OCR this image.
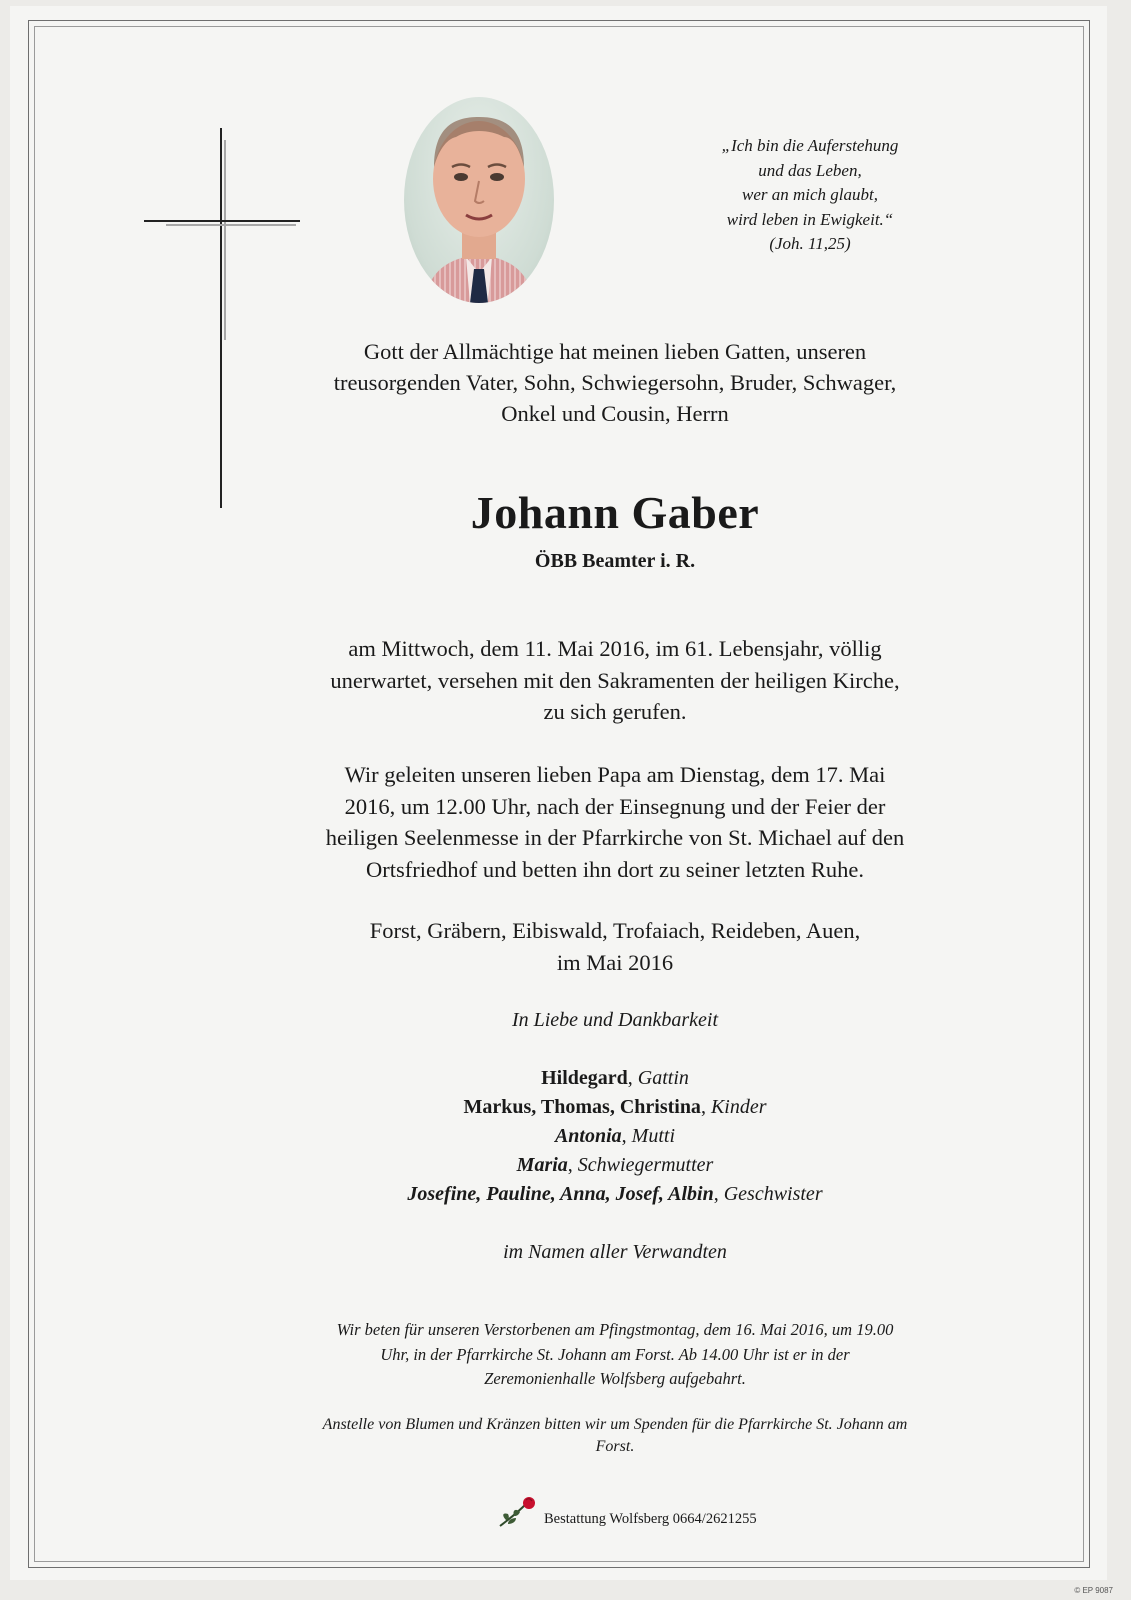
„Ich bin die Auferstehung
und das Leben,
wer an mich glaubt,
wird leben in Ewigkeit.“
(Joh. 11,25)
Gott der Allmächtige hat meinen lieben Gatten, unseren
treusorgenden Vater, Sohn, Schwiegersohn, Bruder, Schwager,
Onkel und Cousin, Herrn
Johann Gaber
ÖBB Beamter i. R.
am Mittwoch, dem 11. Mai 2016, im 61. Lebensjahr, völlig
unerwartet, versehen mit den Sakramenten der heiligen Kirche,
zu sich gerufen.
Wir geleiten unseren lieben Papa am Dienstag, dem 17. Mai
2016, um 12.00 Uhr, nach der Einsegnung und der Feier der
heiligen Seelenmesse in der Pfarrkirche von St. Michael auf den
Ortsfriedhof und betten ihn dort zu seiner letzten Ruhe.
Forst, Gräbern, Eibiswald, Trofaiach, Reideben, Auen,
im Mai 2016
In Liebe und Dankbarkeit
Hildegard, Gattin
Markus, Thomas, Christina, Kinder
Antonia, Mutti
Maria, Schwiegermutter
Josefine, Pauline, Anna, Josef, Albin, Geschwister
im Namen aller Verwandten
Wir beten für unseren Verstorbenen am Pfingstmontag, dem 16. Mai 2016, um 19.00
Uhr, in der Pfarrkirche St. Johann am Forst. Ab 14.00 Uhr ist er in der
Zeremonienhalle Wolfsberg aufgebahrt.
Anstelle von Blumen und Kränzen bitten wir um Spenden für die Pfarrkirche St. Johann am
Forst.
Bestattung Wolfsberg 0664/2621255
© EP 9087
